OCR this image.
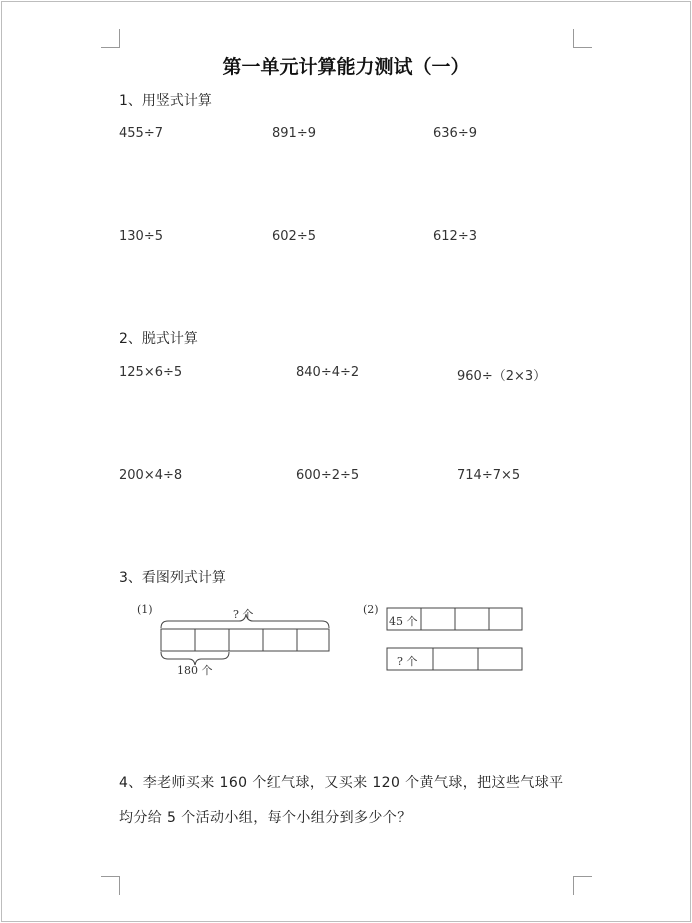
第一单元计算能力测试（一）
1、用竖式计算
455÷7	891÷9	636÷9
130÷5	602÷5	612÷3
2、脱式计算
125×6÷5	840÷4÷2	960÷（2×3）
200×4÷8	600÷2÷5	714÷7×5
3、看图列式计算
(1)	? 个
180 个
(2)
45 个
? 个
4、李老师买来 160 个红气球，又买来 120 个黄气球，把这些气球平
均分给 5 个活动小组，每个小组分到多少个？
